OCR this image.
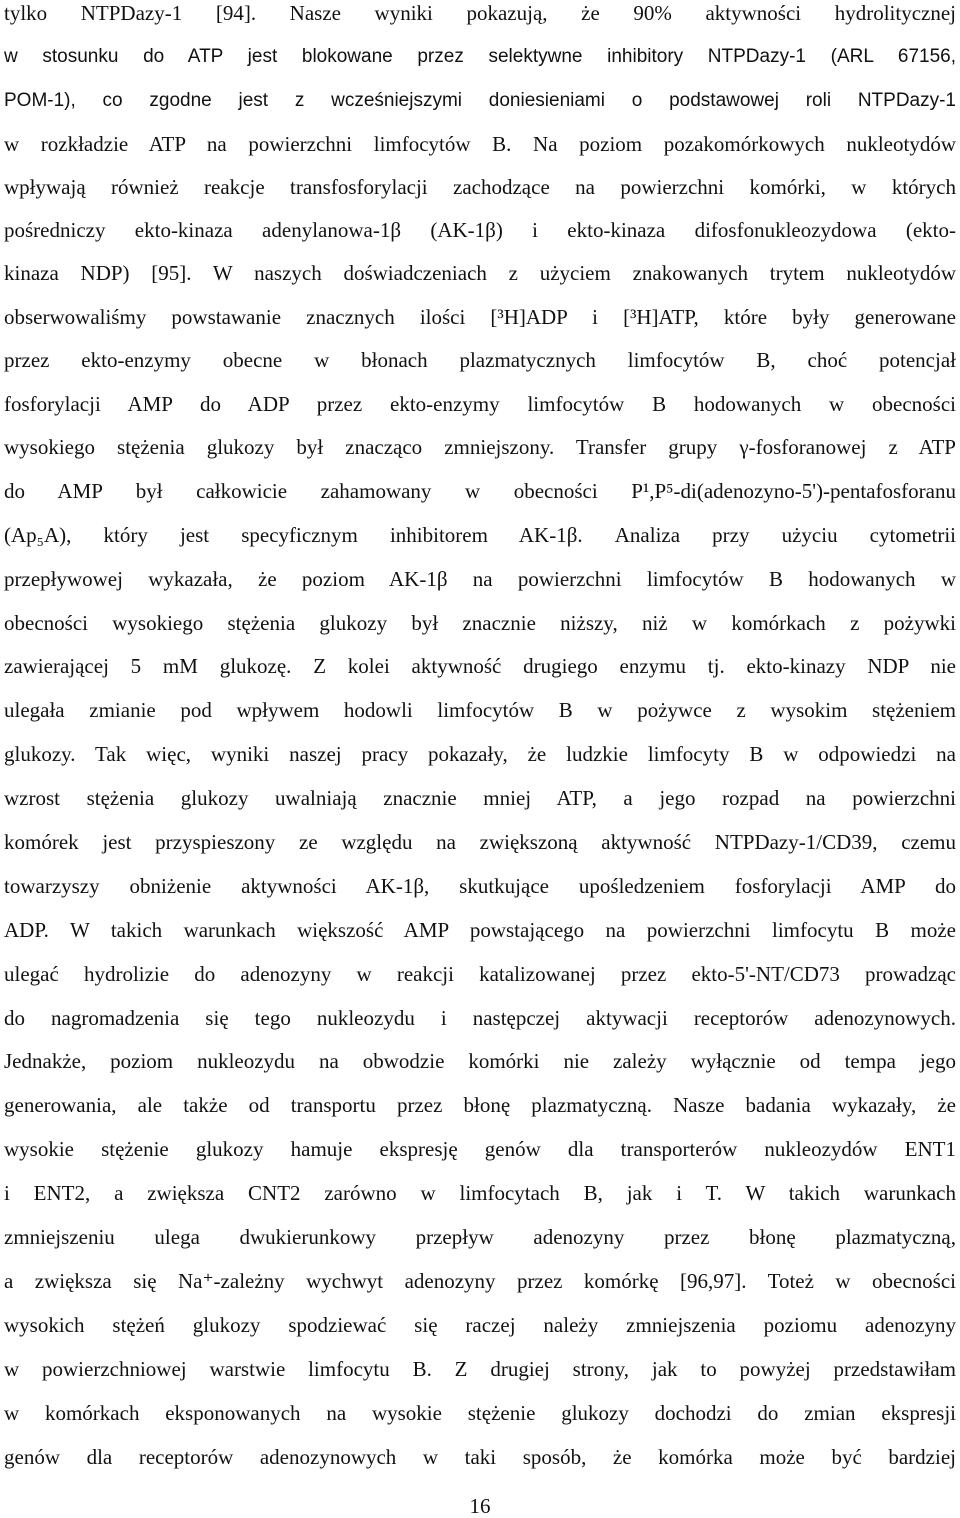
tylko NTPDazy-1 [94]. Nasze wyniki pokazują, że 90% aktywności hydrolitycznej
w stosunku do ATP jest blokowane przez selektywne inhibitory NTPDazy-1 (ARL 67156,
POM-1), co zgodne jest z wcześniejszymi doniesieniami o podstawowej roli NTPDazy-1
w rozkładzie ATP na powierzchni limfocytów B. Na poziom pozakomórkowych nukleotydów
wpływają również reakcje transfosforylacji zachodzące na powierzchni komórki, w których
pośredniczy ekto-kinaza adenylanowa-1β (AK-1β) i ekto-kinaza difosfonukleozydowa (ekto-
kinaza NDP) [95]. W naszych doświadczeniach z użyciem znakowanych trytem nukleotydów
obserwowaliśmy powstawanie znacznych ilości [³H]ADP i [³H]ATP, które były generowane
przez ekto-enzymy obecne w błonach plazmatycznych limfocytów B, choć potencjał
fosforylacji AMP do ADP przez ekto-enzymy limfocytów B hodowanych w obecności
wysokiego stężenia glukozy był znacząco zmniejszony. Transfer grupy γ-fosforanowej z ATP
do AMP był całkowicie zahamowany w obecności P¹,P⁵-di(adenozyno-5')-pentafosforanu
(Ap₅A), który jest specyficznym inhibitorem AK-1β. Analiza przy użyciu cytometrii
przepływowej wykazała, że poziom AK-1β na powierzchni limfocytów B hodowanych w
obecności wysokiego stężenia glukozy był znacznie niższy, niż w komórkach z pożywki
zawierającej 5 mM glukozę. Z kolei aktywność drugiego enzymu tj. ekto-kinazy NDP nie
ulegała zmianie pod wpływem hodowli limfocytów B w pożywce z wysokim stężeniem
glukozy. Tak więc, wyniki naszej pracy pokazały, że ludzkie limfocyty B w odpowiedzi na
wzrost stężenia glukozy uwalniają znacznie mniej ATP, a jego rozpad na powierzchni
komórek jest przyspieszony ze względu na zwiększoną aktywność NTPDazy-1/CD39, czemu
towarzyszy obniżenie aktywności AK-1β, skutkujące upośledzeniem fosforylacji AMP do
ADP. W takich warunkach większość AMP powstającego na powierzchni limfocytu B może
ulegać hydrolizie do adenozyny w reakcji katalizowanej przez ekto-5'-NT/CD73 prowadząc
do nagromadzenia się tego nukleozydu i następczej aktywacji receptorów adenozynowych.
Jednakże, poziom nukleozydu na obwodzie komórki nie zależy wyłącznie od tempa jego
generowania, ale także od transportu przez błonę plazmatyczną. Nasze badania wykazały, że
wysokie stężenie glukozy hamuje ekspresję genów dla transporterów nukleozydów ENT1
i ENT2, a zwiększa CNT2 zarówno w limfocytach B, jak i T. W takich warunkach
zmniejszeniu ulega dwukierunkowy przepływ adenozyny przez błonę plazmatyczną,
a zwiększa się Na⁺-zależny wychwyt adenozyny przez komórkę [96,97]. Toteż w obecności
wysokich stężeń glukozy spodziewać się raczej należy zmniejszenia poziomu adenozyny
w powierzchniowej warstwie limfocytu B. Z drugiej strony, jak to powyżej przedstawiłam
w komórkach eksponowanych na wysokie stężenie glukozy dochodzi do zmian ekspresji
genów dla receptorów adenozynowych w taki sposób, że komórka może być bardziej
16
